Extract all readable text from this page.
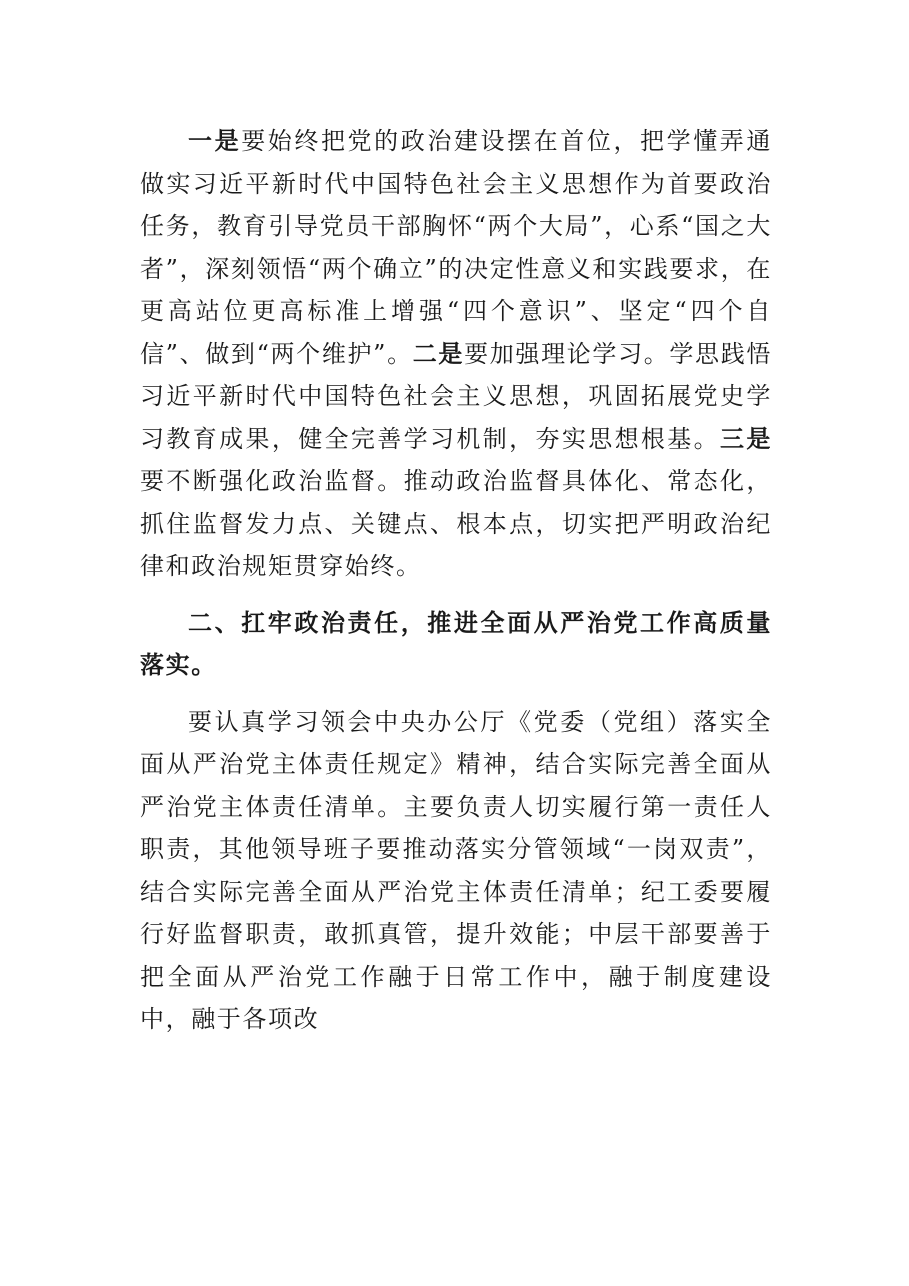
一是要始终把党的政治建设摆在首位，把学懂弄通做实习近平新时代中国特色社会主义思想作为首要政治任务，教育引导党员干部胸怀“两个大局”，心系“国之大者”，深刻领悟“两个确立”的决定性意义和实践要求，在更高站位更高标准上增强“四个意识”、坚定“四个自信”、做到“两个维护”。二是要加强理论学习。学思践悟习近平新时代中国特色社会主义思想，巩固拓展党史学习教育成果，健全完善学习机制，夯实思想根基。三是要不断强化政治监督。推动政治监督具体化、常态化，抓住监督发力点、关键点、根本点，切实把严明政治纪律和政治规矩贯穿始终。

二、扛牢政治责任，推进全面从严治党工作高质量落实。

要认真学习领会中央办公厅《党委（党组）落实全面从严治党主体责任规定》精神，结合实际完善全面从严治党主体责任清单。主要负责人切实履行第一责任人职责，其他领导班子要推动落实分管领域“一岗双责”，结合实际完善全面从严治党主体责任清单；纪工委要履行好监督职责，敢抓真管，提升效能；中层干部要善于把全面从严治党工作融于日常工作中，融于制度建设中，融于各项改
